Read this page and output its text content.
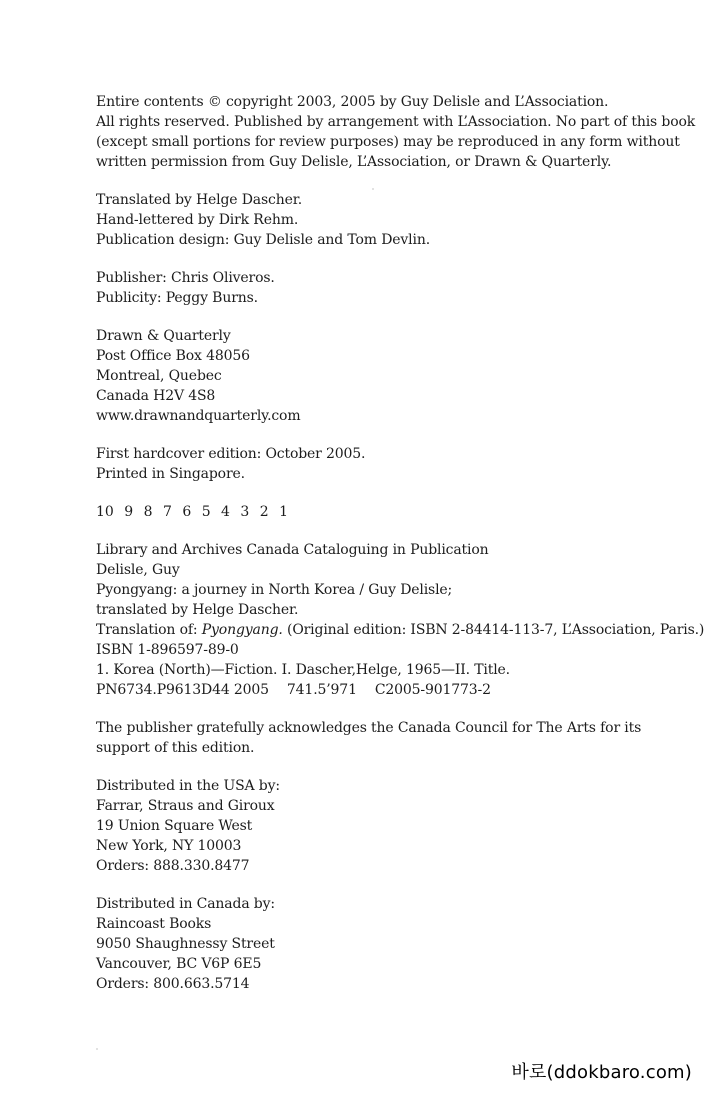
Entire contents © copyright 2003, 2005 by Guy Delisle and L’Association.
All rights reserved. Published by arrangement with L’Association. No part of this book
(except small portions for review purposes) may be reproduced in any form without
written permission from Guy Delisle, L’Association, or Drawn & Quarterly.
Translated by Helge Dascher.
Hand-lettered by Dirk Rehm.
Publication design: Guy Delisle and Tom Devlin.
Publisher: Chris Oliveros.
Publicity: Peggy Burns.
Drawn & Quarterly
Post Office Box 48056
Montreal, Quebec
Canada H2V 4S8
www.drawnandquarterly.com
First hardcover edition: October 2005.
Printed in Singapore.
10 9 8 7 6 5 4 3 2 1
Library and Archives Canada Cataloguing in Publication
Delisle, Guy
Pyongyang: a journey in North Korea / Guy Delisle;
translated by Helge Dascher.
Translation of: Pyongyang. (Original edition: ISBN 2-84414-113-7, L’Association, Paris.)
ISBN 1-896597-89-0
1. Korea (North)—Fiction. I. Dascher,Helge, 1965—II. Title.
PN6734.P9613D44 2005 741.5’971 C2005-901773-2
The publisher gratefully acknowledges the Canada Council for The Arts for its
support of this edition.
Distributed in the USA by:
Farrar, Straus and Giroux
19 Union Square West
New York, NY 10003
Orders: 888.330.8477
Distributed in Canada by:
Raincoast Books
9050 Shaughnessy Street
Vancouver, BC V6P 6E5
Orders: 800.663.5714
바로(ddokbaro.com)
